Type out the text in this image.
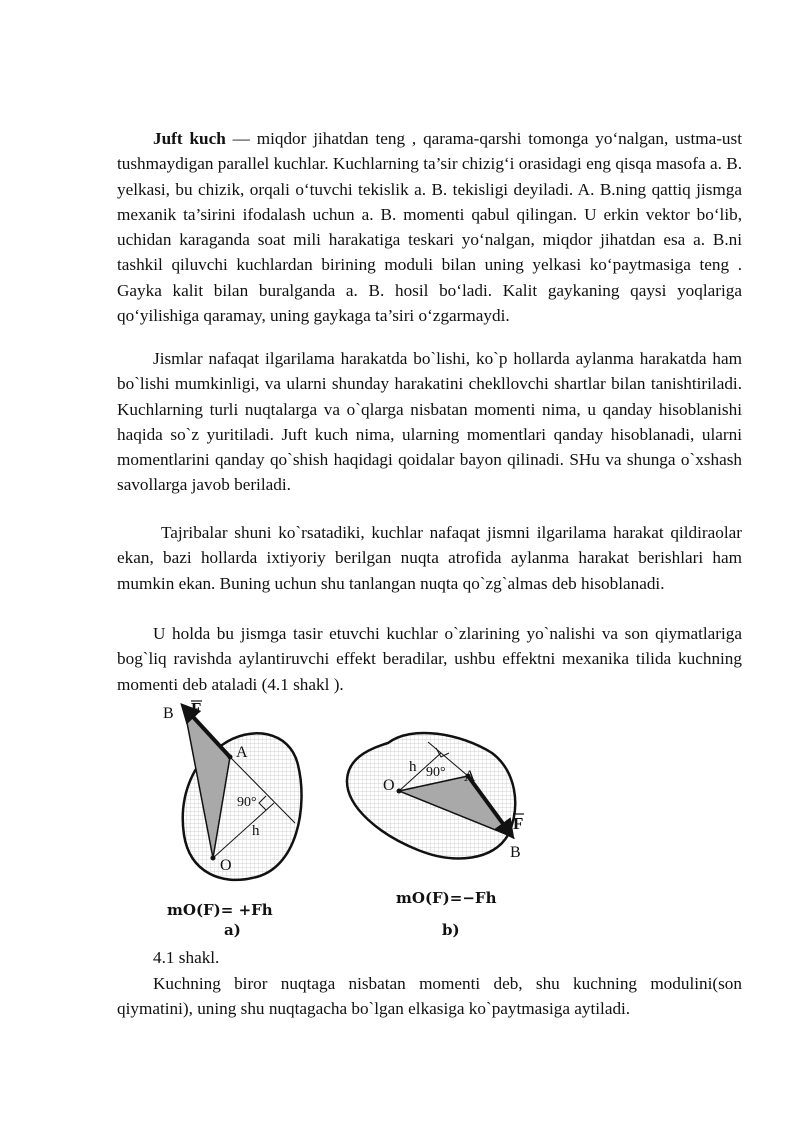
Juft kuch — miqdor jihatdan teng , qarama-qarshi tomonga yo‘nalgan, ustma-ust tushmaydigan parallel kuchlar. Kuchlarning ta’sir chizig‘i orasidagi eng qisqa masofa a. B. yelkasi, bu chizik, orqali o‘tuvchi tekislik a. B. tekisligi deyiladi. A. B.ning qattiq jismga mexanik ta’sirini ifodalash uchun a. B. momenti qabul qilingan. U erkin vektor bo‘lib, uchidan karaganda soat mili harakatiga teskari yo‘nalgan, miqdor jihatdan esa a. B.ni tashkil qiluvchi kuchlardan birining moduli bilan uning yelkasi ko‘paytmasiga teng . Gayka kalit bilan buralganda a. B. hosil bo‘ladi. Kalit gaykaning qaysi yoqlariga qo‘yilishiga qaramay, uning gaykaga ta’siri o‘zgarmaydi.

Jismlar nafaqat ilgarilama harakatda bo`lishi, ko`p hollarda aylanma harakatda ham bo`lishi mumkinligi, va ularni shunday harakatini chekllovchi shartlar bilan tanishtiriladi. Kuchlarning turli nuqtalarga va o`qlarga nisbatan momenti nima, u qanday hisoblanishi haqida so`z yuritiladi. Juft kuch nima, ularning momentlari qanday hisoblanadi, ularni momentlarini qanday qo`shish haqidagi qoidalar bayon qilinadi. SHu va shunga o`xshash savollarga javob beriladi.

Tajribalar shuni ko`rsatadiki, kuchlar nafaqat jismni ilgarilama harakat qildiraolar ekan, bazi hollarda ixtiyoriy berilgan nuqta atrofida aylanma harakat berishlari ham mumkin ekan. Buning uchun shu tanlangan nuqta qo`zg`almas deb hisoblanadi.

U holda bu jismga tasir etuvchi kuchlar o`zlarining yo`nalishi va son qiymatlariga bog`liq ravishda aylantiruvchi effekt beradilar, ushbu effektni mexanika tilida kuchning momenti deb ataladi (4.1 shakl ).

B F
A
O
h
90°
mO(F)= +Fh
a)
O
A
h 90°
F
B
mO(F)=−Fh
b)
4.1 shakl.

Kuchning biror nuqtaga nisbatan momenti deb, shu kuchning modulini(son qiymatini), uning shu nuqtagacha bo`lgan elkasiga ko`paytmasiga aytiladi.
